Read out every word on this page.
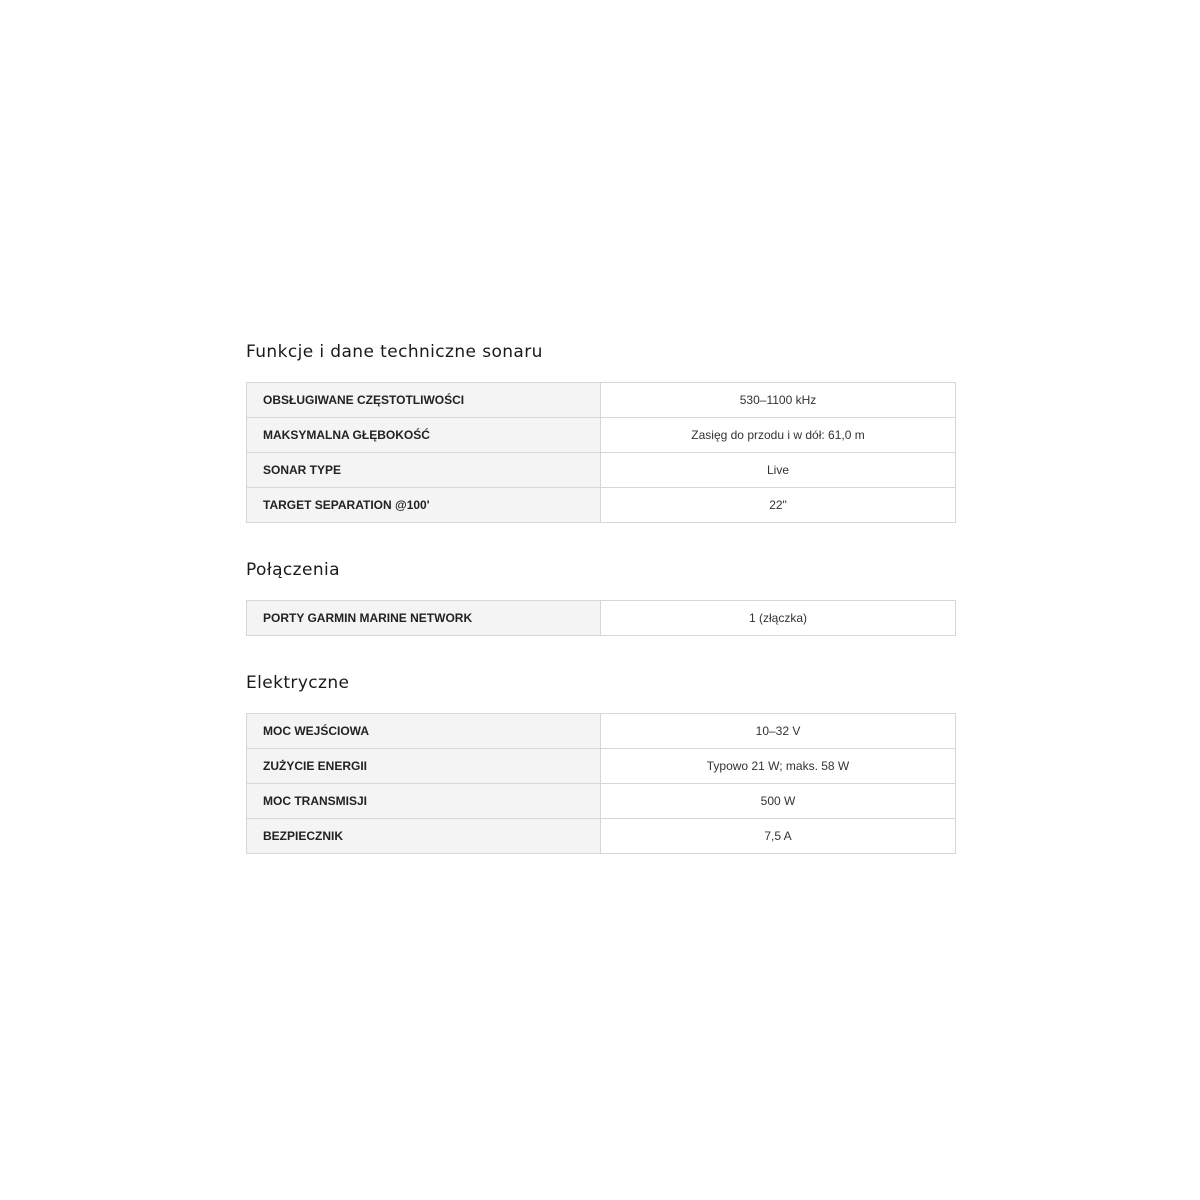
Funkcje i dane techniczne sonaru
OBSŁUGIWANE CZĘSTOTLIWOŚCI	530–1100 kHz
MAKSYMALNA GŁĘBOKOŚĆ	Zasięg do przodu i w dół: 61,0 m
SONAR TYPE	Live
TARGET SEPARATION @100'	22"
Połączenia
PORTY GARMIN MARINE NETWORK	1 (złączka)
Elektryczne
MOC WEJŚCIOWA	10–32 V
ZUŻYCIE ENERGII	Typowo 21 W; maks. 58 W
MOC TRANSMISJI	500 W
BEZPIECZNIK	7,5 A
